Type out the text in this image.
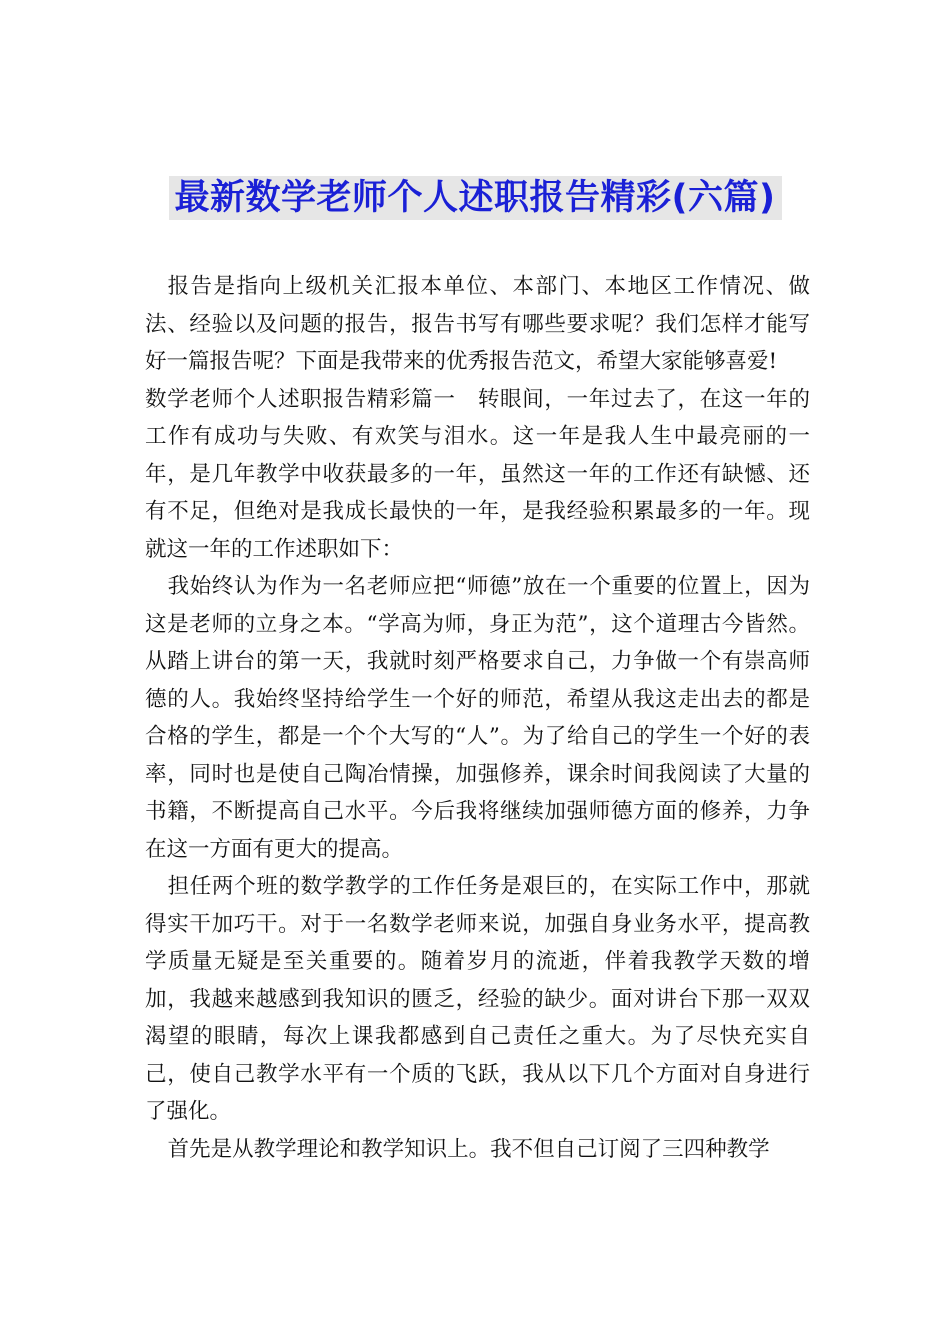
最新数学老师个人述职报告精彩(六篇)

报告是指向上级机关汇报本单位、本部门、本地区工作情况、做法、经验以及问题的报告，报告书写有哪些要求呢？我们怎样才能写好一篇报告呢？下面是我带来的优秀报告范文，希望大家能够喜爱!

数学老师个人述职报告精彩篇一　转眼间，一年过去了，在这一年的工作有成功与失败、有欢笑与泪水。这一年是我人生中最亮丽的一年，是几年教学中收获最多的一年，虽然这一年的工作还有缺憾、还有不足，但绝对是我成长最快的一年，是我经验积累最多的一年。现就这一年的工作述职如下：

我始终认为作为一名老师应把“师德”放在一个重要的位置上，因为这是老师的立身之本。“学高为师，身正为范”，这个道理古今皆然。从踏上讲台的第一天，我就时刻严格要求自己，力争做一个有崇高师德的人。我始终坚持给学生一个好的师范，希望从我这走出去的都是合格的学生，都是一个个大写的“人”。为了给自己的学生一个好的表率，同时也是使自己陶冶情操，加强修养，课余时间我阅读了大量的书籍，不断提高自己水平。今后我将继续加强师德方面的修养，力争在这一方面有更大的提高。

担任两个班的数学教学的工作任务是艰巨的，在实际工作中，那就得实干加巧干。对于一名数学老师来说，加强自身业务水平，提高教学质量无疑是至关重要的。随着岁月的流逝，伴着我教学天数的增加，我越来越感到我知识的匮乏，经验的缺少。面对讲台下那一双双渴望的眼睛，每次上课我都感到自己责任之重大。为了尽快充实自己，使自己教学水平有一个质的飞跃，我从以下几个方面对自身进行了强化。

首先是从教学理论和教学知识上。我不但自己订阅了三四种教学
